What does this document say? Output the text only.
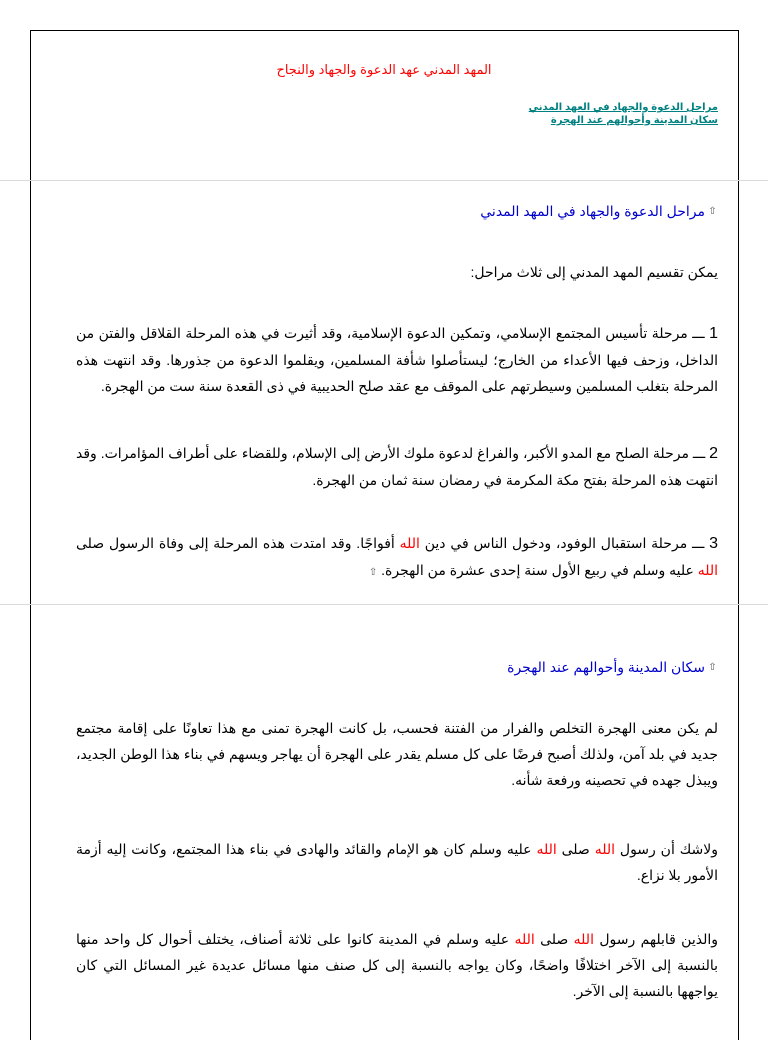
المهد المدني عهد الدعوة والجهاد والنجاح
مراحل الدعوة والجهاد في العهد المدني
سكان المدينة وأحوالهم عند الهجرة
⇧
مراحل الدعوة والجهاد في المهد المدني
يمكن تقسيم المهد المدني إلى ثلاث مراحل:
1 ـــ مرحلة تأسيس المجتمع الإسلامي، وتمكين الدعوة الإسلامية، وقد أثيرت في هذه المرحلة القلاقل والفتن من الداخل، وزحف فيها الأعداء من الخارج؛ ليستأصلوا شأفة المسلمين، ويقلموا الدعوة من جذورها. وقد انتهت هذه المرحلة بتغلب المسلمين وسيطرتهم على الموقف مع عقد صلح الحديبية في ذى القعدة سنة ست من الهجرة.
2 ـــ مرحلة الصلح مع المدو الأكبر، والفراغ لدعوة ملوك الأرض إلى الإسلام، وللقضاء على أطراف المؤامرات. وقد انتهت هذه المرحلة بفتح مكة المكرمة في رمضان سنة ثمان من الهجرة.
3 ـــ مرحلة استقبال الوفود، ودخول الناس في دين الله أفواجًا. وقد امتدت هذه المرحلة إلى وفاة الرسول صلى الله عليه وسلم في ربيع الأول سنة إحدى عشرة من الهجرة. ⇧
⇧
سكان المدينة وأحوالهم عند الهجرة
لم يكن معنى الهجرة التخلص والفرار من الفتنة فحسب، بل كانت الهجرة تمنى مع هذا تعاونًا على إقامة مجتمع جديد في بلد آمن، ولذلك أصبح فرضًا على كل مسلم يقدر على الهجرة أن يهاجر ويسهم في بناء هذا الوطن الجديد، ويبذل جهده في تحصينه ورفعة شأنه.
ولاشك أن رسول الله صلى الله عليه وسلم كان هو الإمام والقائد والهادى في بناء هذا المجتمع، وكانت إليه أزمة الأمور بلا نزاع.
والذين قابلهم رسول الله صلى الله عليه وسلم في المدينة كانوا على ثلاثة أصناف، يختلف أحوال كل واحد منها بالنسبة إلى الآخر اختلافًا واضحًا، وكان يواجه بالنسبة إلى كل صنف منها مسائل عديدة غير المسائل التي كان يواجهها بالنسبة إلى الآخر.
